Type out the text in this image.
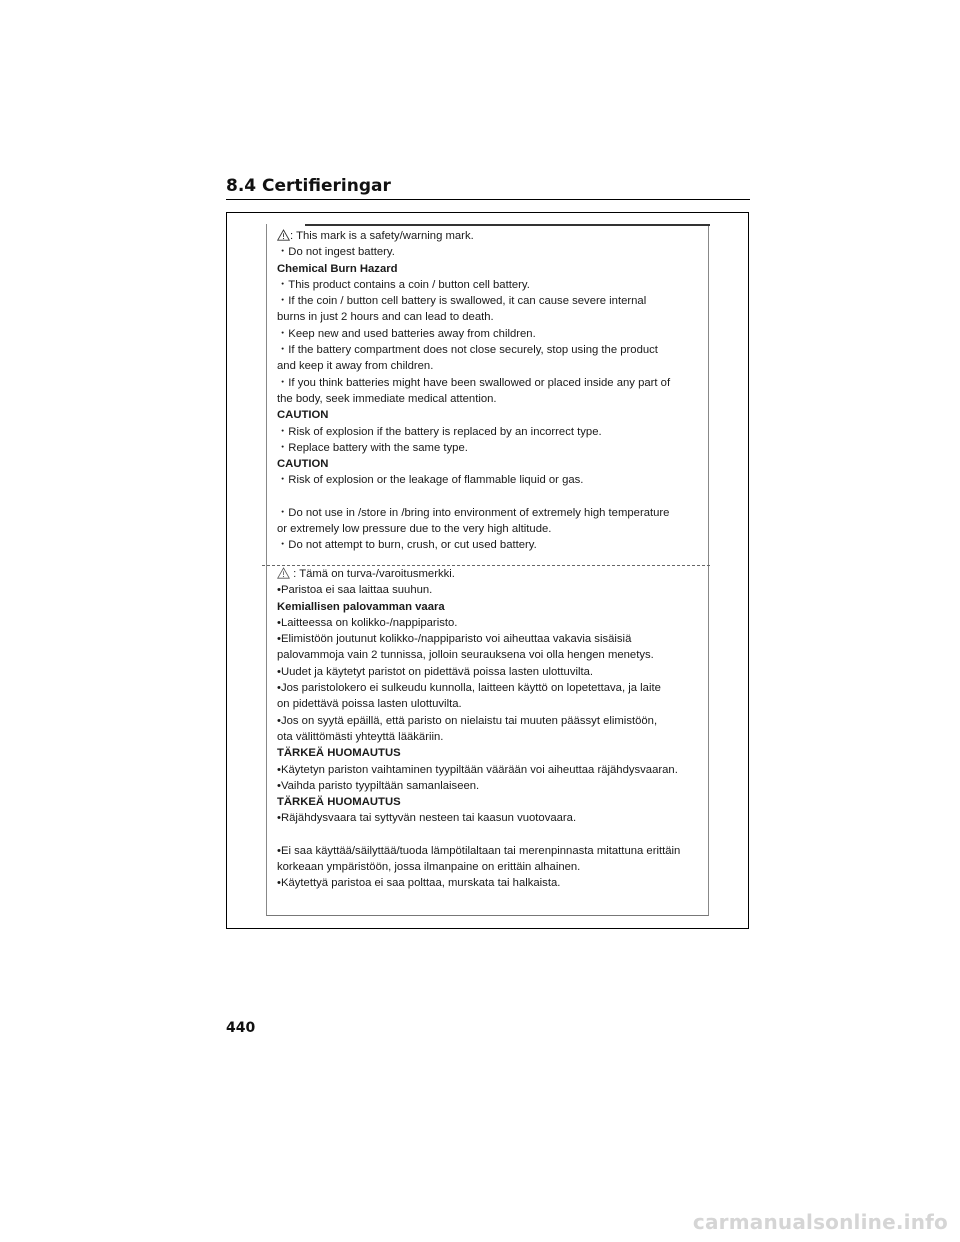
8.4 Certifieringar
: This mark is a safety/warning mark.
・Do not ingest battery.
Chemical Burn Hazard
・This product contains a coin / button cell battery.
・If the coin / button cell battery is swallowed, it can cause severe internal
burns in just 2 hours and can lead to death.
・Keep new and used batteries away from children.
・If the battery compartment does not close securely, stop using the product
and keep it away from children.
・If you think batteries might have been swallowed or placed inside any part of
the body, seek immediate medical attention.
CAUTION
・Risk of explosion if the battery is replaced by an incorrect type.
・Replace battery with the same type.
CAUTION
・Risk of explosion or the leakage of flammable liquid or gas.
・Do not use in /store in /bring into environment of extremely high temperature
or extremely low pressure due to the very high altitude.
・Do not attempt to burn, crush, or cut used battery.
: Tämä on turva-/varoitusmerkki.
•Paristoa ei saa laittaa suuhun.
Kemiallisen palovamman vaara
•Laitteessa on kolikko-/nappiparisto.
•Elimistöön joutunut kolikko-/nappiparisto voi aiheuttaa vakavia sisäisiä
palovammoja vain 2 tunnissa, jolloin seurauksena voi olla hengen menetys.
•Uudet ja käytetyt paristot on pidettävä poissa lasten ulottuvilta.
•Jos paristolokero ei sulkeudu kunnolla, laitteen käyttö on lopetettava, ja laite
on pidettävä poissa lasten ulottuvilta.
•Jos on syytä epäillä, että paristo on nielaistu tai muuten päässyt elimistöön,
ota välittömästi yhteyttä lääkäriin.
TÄRKEÄ HUOMAUTUS
•Käytetyn pariston vaihtaminen tyypiltään väärään voi aiheuttaa räjähdysvaaran.
•Vaihda paristo tyypiltään samanlaiseen.
TÄRKEÄ HUOMAUTUS
•Räjähdysvaara tai syttyvän nesteen tai kaasun vuotovaara.
•Ei saa käyttää/säilyttää/tuoda lämpötilaltaan tai merenpinnasta mitattuna erittäin
korkeaan ympäristöön, jossa ilmanpaine on erittäin alhainen.
•Käytettyä paristoa ei saa polttaa, murskata tai halkaista.
440
carmanualsonline.info
